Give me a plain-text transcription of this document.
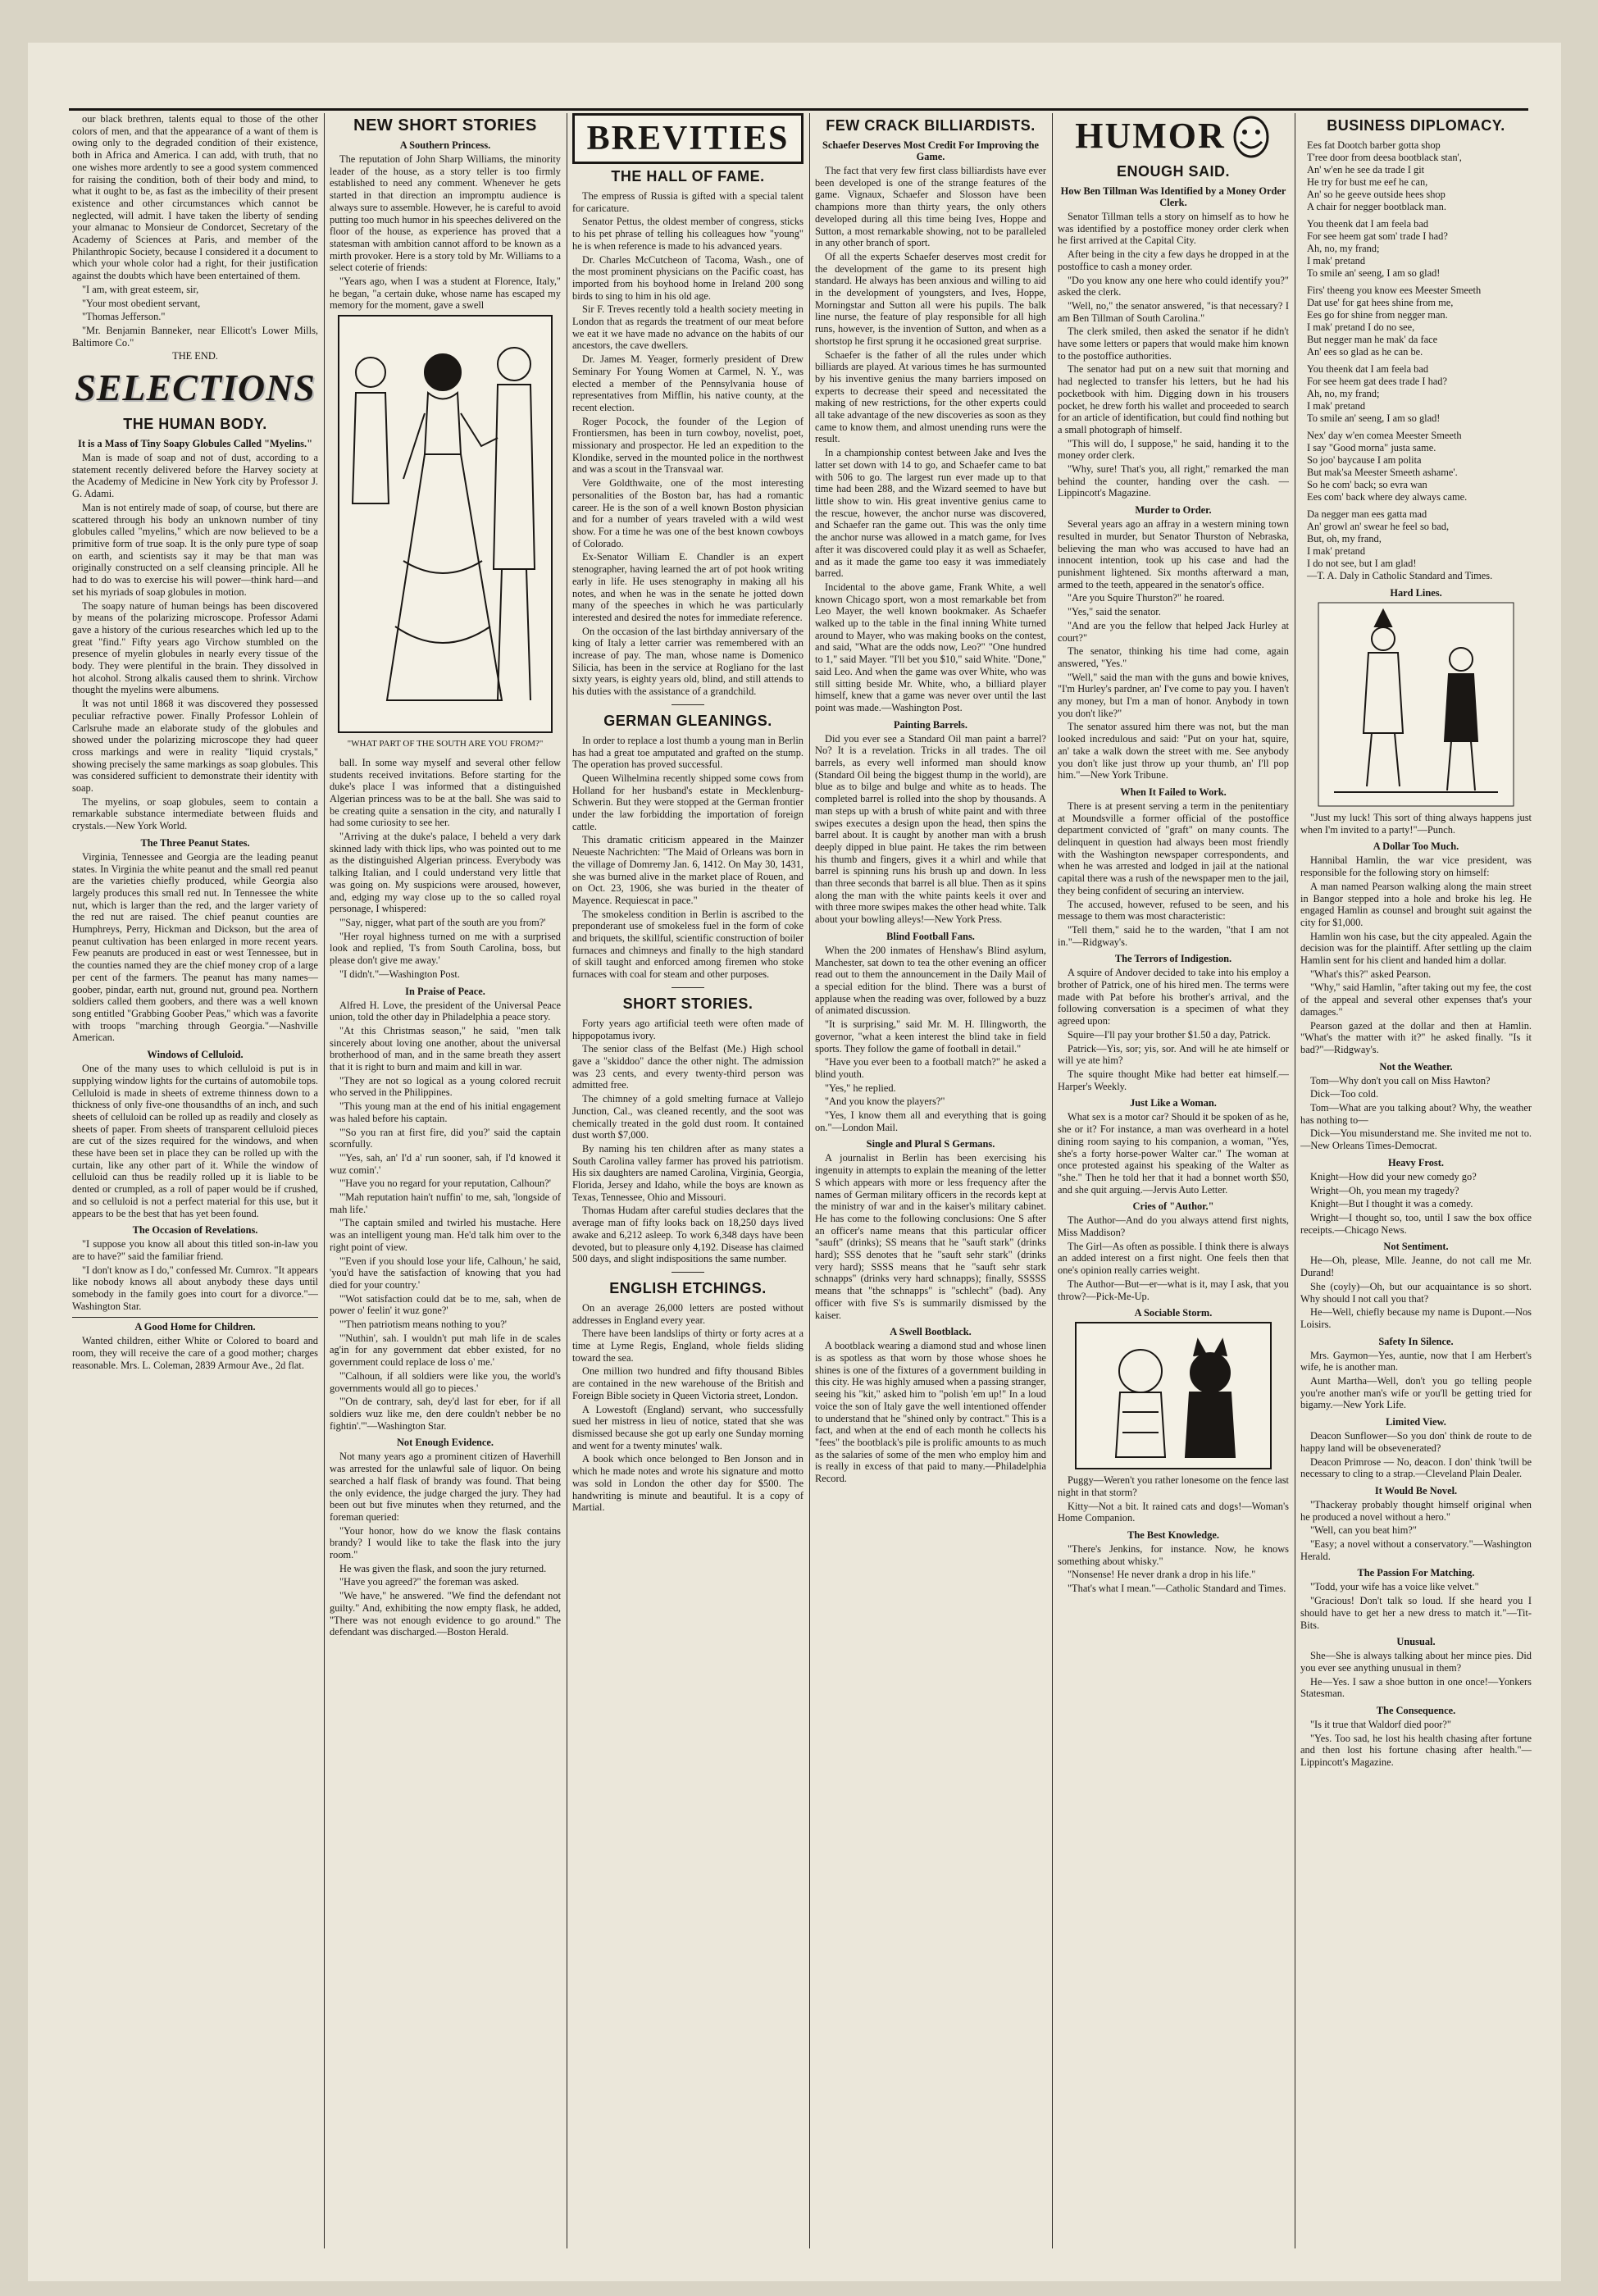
our black brethren, talents equal to those of the other colors of men, and that the appearance of a want of them is owing only to the degraded condition of their existence, both in Africa and America. I can add, with truth, that no one wishes more ardently to see a good system commenced for raising the condition, both of their body and mind, to what it ought to be, as fast as the imbecility of their present existence and other circumstances which cannot be neglected, will admit. I have taken the liberty of sending your almanac to Monsieur de Condorcet, Secretary of the Academy of Sciences at Paris, and member of the Philanthropic Society, because I considered it a document to which your whole color had a right, for their justification against the doubts which have been entertained of them.

"I am, with great esteem, sir,

"Your most obedient servant,

"Thomas Jefferson."

"Mr. Benjamin Banneker, near Ellicott's Lower Mills, Baltimore Co."

THE END.

SELECTIONS
THE HUMAN BODY.
It is a Mass of Tiny Soapy Globules Called "Myelins."

Man is made of soap and not of dust, according to a statement recently delivered before the Harvey society at the Academy of Medicine in New York city by Professor J. G. Adami.

Man is not entirely made of soap, of course, but there are scattered through his body an unknown number of tiny globules called "myelins," which are now believed to be a primitive form of true soap. It is the only pure type of soap on earth, and scientists say it may be that man was originally constructed on a self cleansing principle. All he had to do was to exercise his will power—think hard—and set his myriads of soap globules in motion.

The soapy nature of human beings has been discovered by means of the polarizing microscope. Professor Adami gave a history of the curious researches which led up to the great "find." Fifty years ago Virchow stumbled on the presence of myelin globules in nearly every tissue of the body. They were plentiful in the brain. They dissolved in hot alcohol. Strong alkalis caused them to shrink. Virchow thought the myelins were albumens.

It was not until 1868 it was discovered they possessed peculiar refractive power. Finally Professor Lohlein of Carlsruhe made an elaborate study of the globules and showed under the polarizing microscope they had queer cross markings and were in reality "liquid crystals," showing precisely the same markings as soap globules. This was considered sufficient to demonstrate their identity with soap.

The myelins, or soap globules, seem to contain a remarkable substance intermediate between fluids and crystals.—New York World.

The Three Peanut States.

Virginia, Tennessee and Georgia are the leading peanut states. In Virginia the white peanut and the small red peanut are the varieties chiefly produced, while Georgia also largely produces this small red nut. In Tennessee the white nut, which is larger than the red, and the larger variety of the red nut are raised. The chief peanut counties are Humphreys, Perry, Hickman and Dickson, but the area of peanut cultivation has been enlarged in more recent years. Few peanuts are produced in east or west Tennessee, but in the counties named they are the chief money crop of a large per cent of the farmers. The peanut has many names—goober, pindar, earth nut, ground nut, ground pea. Northern soldiers called them goobers, and there was a well known song entitled "Grabbing Goober Peas," which was a favorite with troops "marching through Georgia."—Nashville American.

Windows of Celluloid.

One of the many uses to which celluloid is put is in supplying window lights for the curtains of automobile tops. Celluloid is made in sheets of extreme thinness down to a thickness of only five-one thousandths of an inch, and such sheets of celluloid can be rolled up as readily and closely as sheets of paper. From sheets of transparent celluloid pieces are cut of the sizes required for the windows, and when these have been set in place they can be rolled up with the curtain, like any other part of it. While the window of celluloid can thus be readily rolled up it is liable to be dented or crumpled, as a roll of paper would be if crushed, and so celluloid is not a perfect material for this use, but it appears to be the best that has yet been found.

The Occasion of Revelations.

"I suppose you know all about this titled son-in-law you are to have?" said the familiar friend.

"I don't know as I do," confessed Mr. Cumrox. "It appears like nobody knows all about anybody these days until somebody in the family goes into court for a divorce."—Washington Star.

A Good Home for Children.

Wanted children, either White or Colored to board and room, they will receive the care of a good mother; charges reasonable. Mrs. L. Coleman, 2839 Armour Ave., 2d flat.

NEW SHORT STORIES
A Southern Princess.

The reputation of John Sharp Williams, the minority leader of the house, as a story teller is too firmly established to need any comment. Whenever he gets started in that direction an impromptu audience is always sure to assemble. However, he is careful to avoid putting too much humor in his speeches delivered on the floor of the house, as experience has proved that a statesman with ambition cannot afford to be known as a mirth provoker. Here is a story told by Mr. Williams to a select coterie of friends:

"Years ago, when I was a student at Florence, Italy," he began, "a certain duke, whose name has escaped my memory for the moment, gave a swell

"WHAT PART OF THE SOUTH ARE YOU FROM?"

ball. In some way myself and several other fellow students received invitations. Before starting for the duke's place I was informed that a distinguished Algerian princess was to be at the ball. She was said to be creating quite a sensation in the city, and naturally I had some curiosity to see her.

"Arriving at the duke's palace, I beheld a very dark skinned lady with thick lips, who was pointed out to me as the distinguished Algerian princess. Everybody was talking Italian, and I could understand very little that was going on. My suspicions were aroused, however, and, edging my way close up to the so called royal personage, I whispered:

"'Say, nigger, what part of the south are you from?'

"Her royal highness turned on me with a surprised look and replied, 'I's from South Carolina, boss, but please don't give me away.'

"I didn't."—Washington Post.

In Praise of Peace.

Alfred H. Love, the president of the Universal Peace union, told the other day in Philadelphia a peace story.

"At this Christmas season," he said, "men talk sincerely about loving one another, about the universal brotherhood of man, and in the same breath they assert that it is right to burn and maim and kill in war.

"They are not so logical as a young colored recruit who served in the Philippines.

"This young man at the end of his initial engagement was haled before his captain.

"'So you ran at first fire, did you?' said the captain scornfully.

"'Yes, sah, an' I'd a' run sooner, sah, if I'd knowed it wuz comin'.'

"'Have you no regard for your reputation, Calhoun?'

"'Mah reputation hain't nuffin' to me, sah, 'longside of mah life.'

"The captain smiled and twirled his mustache. Here was an intelligent young man. He'd talk him over to the right point of view.

"'Even if you should lose your life, Calhoun,' he said, 'you'd have the satisfaction of knowing that you had died for your country.'

"'Wot satisfaction could dat be to me, sah, when de power o' feelin' it wuz gone?'

"'Then patriotism means nothing to you?'

"'Nuthin', sah. I wouldn't put mah life in de scales ag'in for any government dat ebber existed, for no government could replace de loss o' me.'

"'Calhoun, if all soldiers were like you, the world's governments would all go to pieces.'

"'On de contrary, sah, dey'd last for eber, for if all soldiers wuz like me, den dere couldn't nebber be no fightin'.'"—Washington Star.

Not Enough Evidence.

Not many years ago a prominent citizen of Haverhill was arrested for the unlawful sale of liquor. On being searched a half flask of brandy was found. That being the only evidence, the judge charged the jury. They had been out but five minutes when they returned, and the foreman queried:

"Your honor, how do we know the flask contains brandy? I would like to take the flask into the jury room."

He was given the flask, and soon the jury returned.

"Have you agreed?" the foreman was asked.

"We have," he answered. "We find the defendant not guilty." And, exhibiting the now empty flask, he added, "There was not enough evidence to go around." The defendant was discharged.—Boston Herald.

BREVITIES
THE HALL OF FAME.

The empress of Russia is gifted with a special talent for caricature.

Senator Pettus, the oldest member of congress, sticks to his pet phrase of telling his colleagues how "young" he is when reference is made to his advanced years.

Dr. Charles McCutcheon of Tacoma, Wash., one of the most prominent physicians on the Pacific coast, has imported from his boyhood home in Ireland 200 song birds to sing to him in his old age.

Sir F. Treves recently told a health society meeting in London that as regards the treatment of our meat before we eat it we have made no advance on the habits of our ancestors, the cave dwellers.

Dr. James M. Yeager, formerly president of Drew Seminary For Young Women at Carmel, N. Y., was elected a member of the Pennsylvania house of representatives from Mifflin, his native county, at the recent election.

Roger Pocock, the founder of the Legion of Frontiersmen, has been in turn cowboy, novelist, poet, missionary and prospector. He led an expedition to the Klondike, served in the mounted police in the northwest and was a scout in the Transvaal war.

Vere Goldthwaite, one of the most interesting personalities of the Boston bar, has had a romantic career. He is the son of a well known Boston physician and for a number of years traveled with a wild west show. For a time he was one of the best known cowboys of Colorado.

Ex-Senator William E. Chandler is an expert stenographer, having learned the art of pot hook writing early in life. He uses stenography in making all his notes, and when he was in the senate he jotted down many of the speeches in which he was particularly interested and desired the notes for immediate reference.

On the occasion of the last birthday anniversary of the king of Italy a letter carrier was remembered with an increase of pay. The man, whose name is Domenico Silicia, has been in the service at Rogliano for the last sixty years, is eighty years old, blind, and still attends to his duties with the assistance of a grandchild.

GERMAN GLEANINGS.

In order to replace a lost thumb a young man in Berlin has had a great toe amputated and grafted on the stump. The operation has proved successful.

Queen Wilhelmina recently shipped some cows from Holland for her husband's estate in Mecklenburg-Schwerin. But they were stopped at the German frontier under the law forbidding the importation of foreign cattle.

This dramatic criticism appeared in the Mainzer Neueste Nachrichten: "The Maid of Orleans was born in the village of Domremy Jan. 6, 1412. On May 30, 1431, she was burned alive in the market place of Rouen, and on Oct. 23, 1906, she was buried in the theater of Mayence. Requiescat in pace."

The smokeless condition in Berlin is ascribed to the preponderant use of smokeless fuel in the form of coke and briquets, the skillful, scientific construction of boiler furnaces and chimneys and finally to the high standard of skill taught and enforced among firemen who stoke furnaces with coal for steam and other purposes.

SHORT STORIES.

Forty years ago artificial teeth were often made of hippopotamus ivory.

The senior class of the Belfast (Me.) High school gave a "skiddoo" dance the other night. The admission was 23 cents, and every twenty-third person was admitted free.

The chimney of a gold smelting furnace at Vallejo Junction, Cal., was cleaned recently, and the soot was chemically treated in the gold dust room. It contained dust worth $7,000.

By naming his ten children after as many states a South Carolina valley farmer has proved his patriotism. His six daughters are named Carolina, Virginia, Georgia, Florida, Jersey and Idaho, while the boys are known as Texas, Tennessee, Ohio and Missouri.

Thomas Hudam after careful studies declares that the average man of fifty looks back on 18,250 days lived awake and 6,212 asleep. To work 6,348 days have been devoted, but to pleasure only 4,192. Disease has claimed 500 days, and slight indispositions the same number.

ENGLISH ETCHINGS.

On an average 26,000 letters are posted without addresses in England every year.

There have been landslips of thirty or forty acres at a time at Lyme Regis, England, whole fields sliding toward the sea.

One million two hundred and fifty thousand Bibles are contained in the new warehouse of the British and Foreign Bible society in Queen Victoria street, London.

A Lowestoft (England) servant, who successfully sued her mistress in lieu of notice, stated that she was dismissed because she got up early one Sunday morning and went for a twenty minutes' walk.

A book which once belonged to Ben Jonson and in which he made notes and wrote his signature and motto was sold in London the other day for $500. The handwriting is minute and beautiful. It is a copy of Martial.

FEW CRACK BILLIARDISTS.
Schaefer Deserves Most Credit For Improving the Game.

The fact that very few first class billiardists have ever been developed is one of the strange features of the game. Vignaux, Schaefer and Slosson have been champions more than thirty years, the only others developed during all this time being Ives, Hoppe and Sutton, a most remarkable showing, not to be paralleled in any other branch of sport.

Of all the experts Schaefer deserves most credit for the development of the game to its present high standard. He always has been anxious and willing to aid in the development of youngsters, and Ives, Hoppe, Morningstar and Sutton all were his pupils. The balk line nurse, the feature of play responsible for all high runs, however, is the invention of Sutton, and when as a shortstop he first sprung it he occasioned great surprise.

Schaefer is the father of all the rules under which billiards are played. At various times he has surmounted by his inventive genius the many barriers imposed on experts to decrease their speed and necessitated the making of new restrictions, for the other experts could all take advantage of the new discoveries as soon as they came to know them, and almost unending runs were the result.

In a championship contest between Jake and Ives the latter set down with 14 to go, and Schaefer came to bat with 506 to go. The largest run ever made up to that time had been 288, and the Wizard seemed to have but little show to win. His great inventive genius came to the rescue, however, the anchor nurse was discovered, and Schaefer ran the game out. This was the only time the anchor nurse was allowed in a match game, for Ives after it was discovered could play it as well as Schaefer, and as it made the game too easy it was immediately barred.

Incidental to the above game, Frank White, a well known Chicago sport, won a most remarkable bet from Leo Mayer, the well known bookmaker. As Schaefer walked up to the table in the final inning White turned around to Mayer, who was making books on the contest, and said, "What are the odds now, Leo?" "One hundred to 1," said Mayer. "I'll bet you $10," said White. "Done," said Leo. And when the game was over White, who was still sitting beside Mr. White, who, a billiard player himself, knew that a game was never over until the last point was made.—Washington Post.

Painting Barrels.

Did you ever see a Standard Oil man paint a barrel? No? It is a revelation. Tricks in all trades. The oil barrels, as every well informed man should know (Standard Oil being the biggest thump in the world), are blue as to bilge and bulge and white as to heads. The completed barrel is rolled into the shop by thousands. A man steps up with a brush of white paint and with three swipes executes a design upon the head, then spins the barrel about. It is caught by another man with a brush deeply dipped in blue paint. He takes the rim between his thumb and fingers, gives it a whirl and while that barrel is spinning runs his brush up and down. In less than three seconds that barrel is all blue. Then as it spins along the man with the white paints keels it over and with three more swipes makes the other head white. Talk about your bowling alleys!—New York Press.

Blind Football Fans.

When the 200 inmates of Henshaw's Blind asylum, Manchester, sat down to tea the other evening an officer read out to them the announcement in the Daily Mail of a special edition for the blind. There was a burst of applause when the reading was over, followed by a buzz of animated discussion.

"It is surprising," said Mr. M. H. Illingworth, the governor, "what a keen interest the blind take in field sports. They follow the game of football in detail."

"Have you ever been to a football match?" he asked a blind youth.

"Yes," he replied.

"And you know the players?"

"Yes, I know them all and everything that is going on."—London Mail.

Single and Plural S Germans.

A journalist in Berlin has been exercising his ingenuity in attempts to explain the meaning of the letter S which appears with more or less frequency after the names of German military officers in the records kept at the ministry of war and in the kaiser's military cabinet. He has come to the following conclusions: One S after an officer's name means that this particular officer "sauft" (drinks); SS means that he "sauft stark" (drinks hard); SSS denotes that he "sauft sehr stark" (drinks very hard); SSSS means that he "sauft sehr stark schnapps" (drinks very hard schnapps); finally, SSSSS means that "the schnapps" is "schlecht" (bad). Any officer with five S's is summarily dismissed by the kaiser.

A Swell Bootblack.

A bootblack wearing a diamond stud and whose linen is as spotless as that worn by those whose shoes he shines is one of the fixtures of a government building in this city. He was highly amused when a passing stranger, seeing his "kit," asked him to "polish 'em up!" In a loud voice the son of Italy gave the well intentioned offender to understand that he "shined only by contract." This is a fact, and when at the end of each month he collects his "fees" the bootblack's pile is prolific amounts to as much as the salaries of some of the men who employ him and is really in excess of that paid to many.—Philadelphia Record.

HUMOR
ENOUGH SAID.
How Ben Tillman Was Identified by a Money Order Clerk.

Senator Tillman tells a story on himself as to how he was identified by a postoffice money order clerk when he first arrived at the Capital City.

After being in the city a few days he dropped in at the postoffice to cash a money order.

"Do you know any one here who could identify you?" asked the clerk.

"Well, no," the senator answered, "is that necessary? I am Ben Tillman of South Carolina."

The clerk smiled, then asked the senator if he didn't have some letters or papers that would make him known to the postoffice authorities.

The senator had put on a new suit that morning and had neglected to transfer his letters, but he had his pocketbook with him. Digging down in his trousers pocket, he drew forth his wallet and proceeded to search for an article of identification, but could find nothing but a small photograph of himself.

"This will do, I suppose," he said, handing it to the money order clerk.

"Why, sure! That's you, all right," remarked the man behind the counter, handing over the cash. — Lippincott's Magazine.

Murder to Order.

Several years ago an affray in a western mining town resulted in murder, but Senator Thurston of Nebraska, believing the man who was accused to have had an innocent intention, took up his case and had the punishment lightened. Six months afterward a man, armed to the teeth, appeared in the senator's office.

"Are you Squire Thurston?" he roared.

"Yes," said the senator.

"And are you the fellow that helped Jack Hurley at court?"

The senator, thinking his time had come, again answered, "Yes."

"Well," said the man with the guns and bowie knives, "I'm Hurley's pardner, an' I've come to pay you. I haven't any money, but I'm a man of honor. Anybody in town you don't like?"

The senator assured him there was not, but the man looked incredulous and said: "Put on your hat, squire, an' take a walk down the street with me. See anybody you don't like just throw up your thumb, an' I'll pop him."—New York Tribune.

When It Failed to Work.

There is at present serving a term in the penitentiary at Moundsville a former official of the postoffice department convicted of "graft" on many counts. The delinquent in question had always been most friendly with the Washington newspaper correspondents, and when he was arrested and lodged in jail at the national capital there was a rush of the newspaper men to the jail, they being confident of securing an interview.

The accused, however, refused to be seen, and his message to them was most characteristic:

"Tell them," said he to the warden, "that I am not in."—Ridgway's.

The Terrors of Indigestion.

A squire of Andover decided to take into his employ a brother of Patrick, one of his hired men. The terms were made with Pat before his brother's arrival, and the following conversation is a specimen of what they agreed upon:

Squire—I'll pay your brother $1.50 a day, Patrick.

Patrick—Yis, sor; yis, sor. And will he ate himself or will ye ate him?

The squire thought Mike had better eat himself.—Harper's Weekly.

Just Like a Woman.

What sex is a motor car? Should it be spoken of as he, she or it? For instance, a man was overheard in a hotel dining room saying to his companion, a woman, "Yes, she's a forty horse-power Walter car." The woman at once protested against his speaking of the Walter as "she." Then he told her that it had a bonnet worth $50, and she quit arguing.—Jervis Auto Letter.

Cries of "Author."

The Author—And do you always attend first nights, Miss Maddison?

The Girl—As often as possible. I think there is always an added interest on a first night. One feels then that one's opinion really carries weight.

The Author—But—er—what is it, may I ask, that you throw?—Pick-Me-Up.

A Sociable Storm.

Puggy—Weren't you rather lonesome on the fence last night in that storm?

Kitty—Not a bit. It rained cats and dogs!—Woman's Home Companion.

The Best Knowledge.

"There's Jenkins, for instance. Now, he knows something about whisky."

"Nonsense! He never drank a drop in his life."

"That's what I mean."—Catholic Standard and Times.

BUSINESS DIPLOMACY.
Ees fat Dootch barber gotta shop
T'ree door from deesa bootblack stan',
An' w'en he see da trade I git
He try for bust me eef he can,
An' so he geeve outside hees shop
A chair for negger bootblack man.
You theenk dat I am feela bad
For see heem gat som' trade I had?
Ah, no, my frand;
I mak' pretand
To smile an' seeng, I am so glad!
Firs' theeng you know ees Meester Smeeth
Dat use' for gat hees shine from me,
Ees go for shine from negger man.
I mak' pretand I do no see,
But negger man he mak' da face
An' ees so glad as he can be.
You theenk dat I am feela bad
For see heem gat dees trade I had?
Ah, no, my frand;
I mak' pretand
To smile an' seeng, I am so glad!
Nex' day w'en comea Meester Smeeth
I say "Good morna" justa same.
So joo' baycause I am polita
But mak'sa Meester Smeeth ashame'.
So he com' back; so evra wan
Ees com' back where dey always came.
Da negger man ees gatta mad
An' growl an' swear he feel so bad,
But, oh, my frand,
I mak' pretand
I do not see, but I am glad!
—T. A. Daly in Catholic Standard and Times.
Hard Lines.

"Just my luck! This sort of thing always happens just when I'm invited to a party!"—Punch.

A Dollar Too Much.

Hannibal Hamlin, the war vice president, was responsible for the following story on himself:

A man named Pearson walking along the main street in Bangor stepped into a hole and broke his leg. He engaged Hamlin as counsel and brought suit against the city for $1,000.

Hamlin won his case, but the city appealed. Again the decision was for the plaintiff. After settling up the claim Hamlin sent for his client and handed him a dollar.

"What's this?" asked Pearson.

"Why," said Hamlin, "after taking out my fee, the cost of the appeal and several other expenses that's your damages."

Pearson gazed at the dollar and then at Hamlin. "What's the matter with it?" he asked finally. "Is it bad?"—Ridgway's.

Not the Weather.

Tom—Why don't you call on Miss Hawton?

Dick—Too cold.

Tom—What are you talking about? Why, the weather has nothing to—

Dick—You misunderstand me. She invited me not to.—New Orleans Times-Democrat.

Heavy Frost.

Knight—How did your new comedy go?

Wright—Oh, you mean my tragedy?

Knight—But I thought it was a comedy.

Wright—I thought so, too, until I saw the box office receipts.—Chicago News.

Not Sentiment.

He—Oh, please, Mlle. Jeanne, do not call me Mr. Durand!

She (coyly)—Oh, but our acquaintance is so short. Why should I not call you that?

He—Well, chiefly because my name is Dupont.—Nos Loisirs.

Safety In Silence.

Mrs. Gaymon—Yes, auntie, now that I am Herbert's wife, he is another man.

Aunt Martha—Well, don't you go telling people you're another man's wife or you'll be getting tried for bigamy.—New York Life.

Limited View.

Deacon Sunflower—So you don' think de route to de happy land will be obsevenerated?

Deacon Primrose — No, deacon. I don' think 'twill be necessary to cling to a strap.—Cleveland Plain Dealer.

It Would Be Novel.

"Thackeray probably thought himself original when he produced a novel without a hero."

"Well, can you beat him?"

"Easy; a novel without a conservatory."—Washington Herald.

The Passion For Matching.

"Todd, your wife has a voice like velvet."

"Gracious! Don't talk so loud. If she heard you I should have to get her a new dress to match it."—Tit-Bits.

Unusual.

She—She is always talking about her mince pies. Did you ever see anything unusual in them?

He—Yes. I saw a shoe button in one once!—Yonkers Statesman.

The Consequence.

"Is it true that Waldorf died poor?"

"Yes. Too sad, he lost his health chasing after fortune and then lost his fortune chasing after health."—Lippincott's Magazine.
